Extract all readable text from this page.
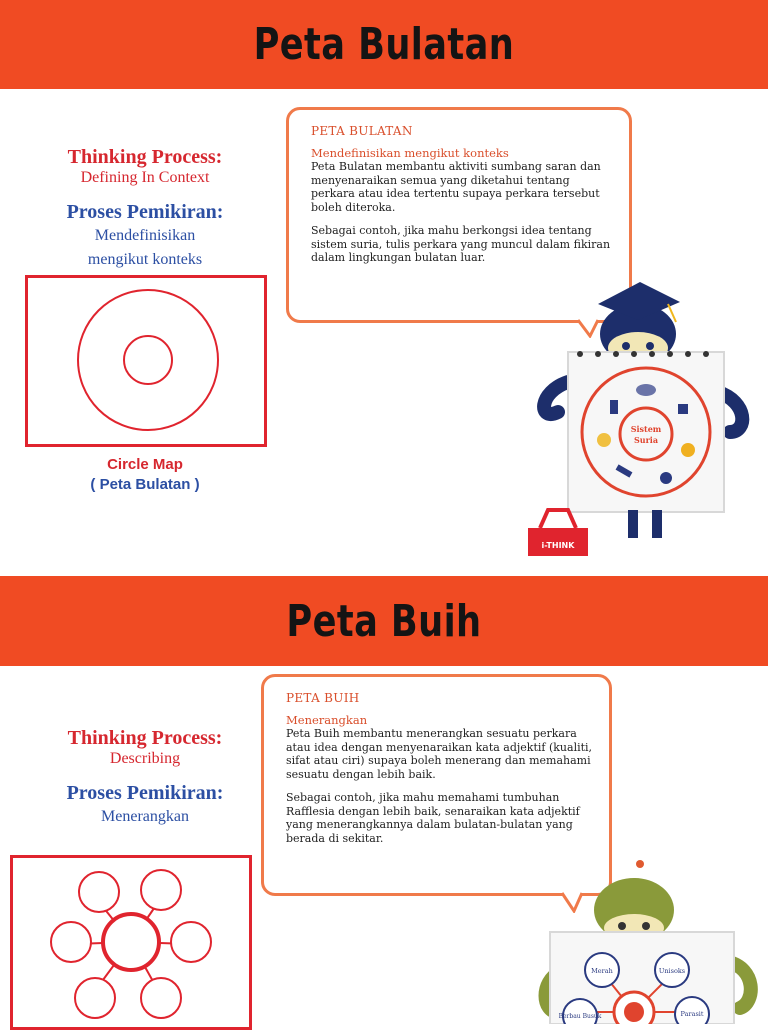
Peta Bulatan

Thinking Process:

Defining In Context

Proses Pemikiran:

Mendefinisikan

mengikut konteks

Circle Map
( Peta Bulatan )

PETA BULATAN

Mendefinisikan mengikut konteks

Peta Bulatan membantu aktiviti sumbang saran dan menyenaraikan semua yang diketahui tentang perkara atau idea tertentu supaya perkara tersebut boleh diteroka.

Sebagai contoh, jika mahu berkongsi idea tentang sistem suria, tulis perkara yang muncul dalam fikiran dalam lingkungan bulatan luar.

Sistem
Suria
i-THINK
Peta Buih

Thinking Process:

Describing

Proses Pemikiran:

Menerangkan

PETA BUIH

Menerangkan

Peta Buih membantu menerangkan sesuatu perkara atau idea dengan menyenaraikan kata adjektif (kualiti, sifat atau ciri) supaya boleh menerang dan memahami sesuatu dengan lebih baik.

Sebagai contoh, jika mahu memahami tumbuhan Rafflesia dengan lebih baik, senaraikan kata adjektif yang menerangkannya dalam bulatan-bulatan yang berada di sekitar.

Merah	Unisoks
Berbau Busuk	Parasit
